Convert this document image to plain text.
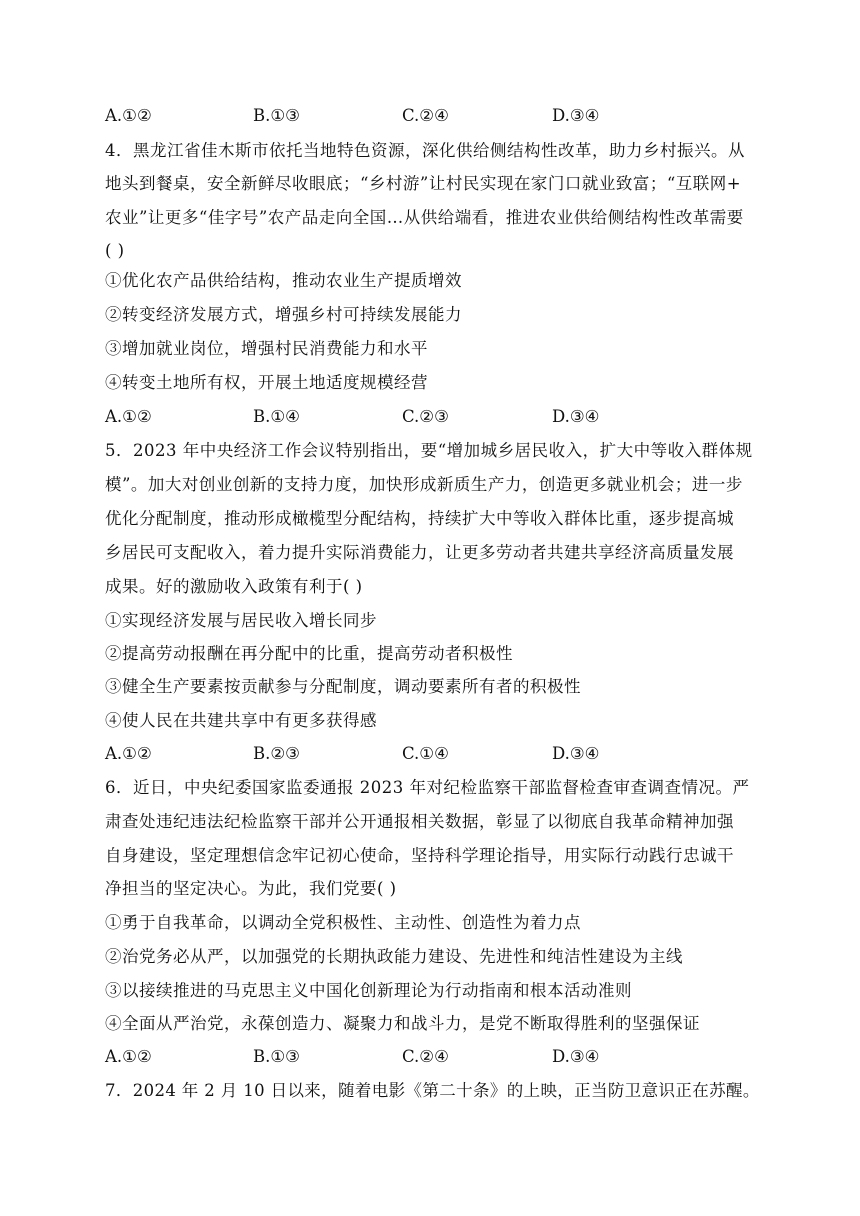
A.①②	B.①③	C.②④	D.③④
4．黑龙江省佳木斯市依托当地特色资源，深化供给侧结构性改革，助力乡村振兴。从
地头到餐桌，安全新鲜尽收眼底；“乡村游”让村民实现在家门口就业致富；“互联网+
农业”让更多“佳字号”农产品走向全国…从供给端看，推进农业供给侧结构性改革需要
( )
①优化农产品供给结构，推动农业生产提质增效
②转变经济发展方式，增强乡村可持续发展能力
③增加就业岗位，增强村民消费能力和水平
④转变土地所有权，开展土地适度规模经营
A.①②	B.①④	C.②③	D.③④
5．2023 年中央经济工作会议特别指出，要“增加城乡居民收入，扩大中等收入群体规
模”。加大对创业创新的支持力度，加快形成新质生产力，创造更多就业机会；进一步
优化分配制度，推动形成橄榄型分配结构，持续扩大中等收入群体比重，逐步提高城
乡居民可支配收入，着力提升实际消费能力，让更多劳动者共建共享经济高质量发展
成果。好的激励收入政策有利于( )
①实现经济发展与居民收入增长同步
②提高劳动报酬在再分配中的比重，提高劳动者积极性
③健全生产要素按贡献参与分配制度，调动要素所有者的积极性
④使人民在共建共享中有更多获得感
A.①②	B.②③	C.①④	D.③④
6．近日，中央纪委国家监委通报 2023 年对纪检监察干部监督检查审查调查情况。严
肃查处违纪违法纪检监察干部并公开通报相关数据，彰显了以彻底自我革命精神加强
自身建设，坚定理想信念牢记初心使命，坚持科学理论指导，用实际行动践行忠诚干
净担当的坚定决心。为此，我们党要( )
①勇于自我革命，以调动全党积极性、主动性、创造性为着力点
②治党务必从严，以加强党的长期执政能力建设、先进性和纯洁性建设为主线
③以接续推进的马克思主义中国化创新理论为行动指南和根本活动准则
④全面从严治党，永葆创造力、凝聚力和战斗力，是党不断取得胜利的坚强保证
A.①②	B.①③	C.②④	D.③④
7．2024 年 2 月 10 日以来，随着电影《第二十条》的上映，正当防卫意识正在苏醒。
